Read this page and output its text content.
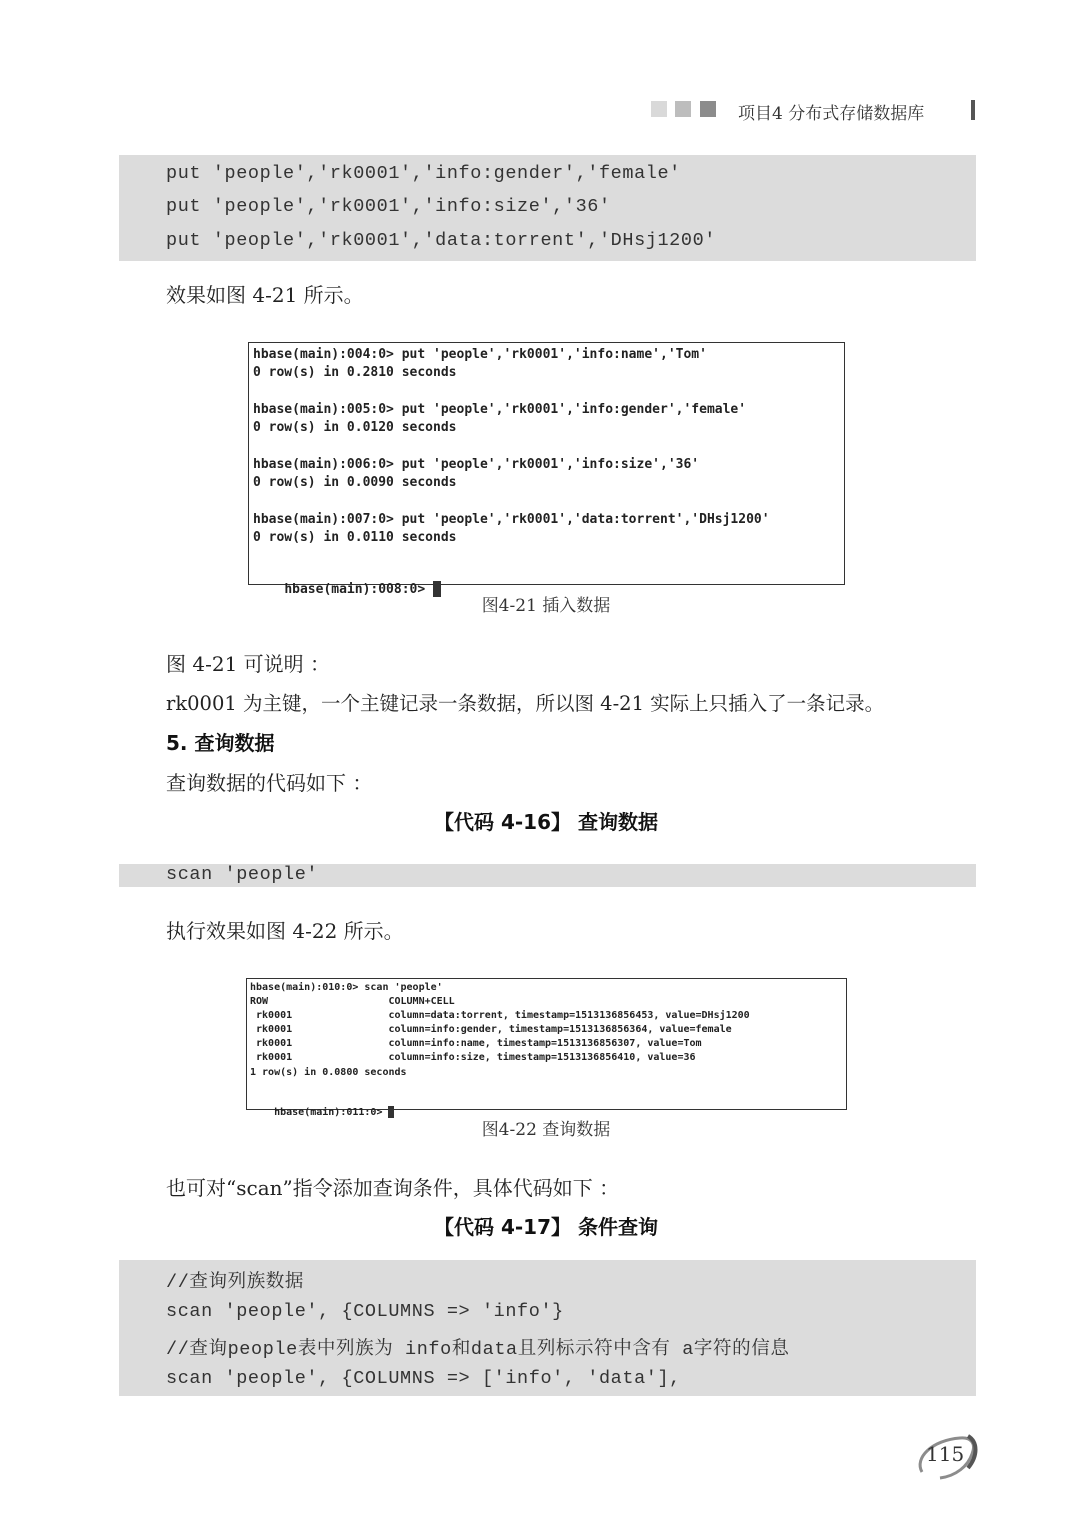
项目4 分布式存储数据库
put 'people','rk0001','info:gender','female'
put 'people','rk0001','info:size','36'
put 'people','rk0001','data:torrent','DHsj1200'
效果如图 4-21 所示。
hbase(main):004:0> put 'people','rk0001','info:name','Tom'
0 row(s) in 0.2810 seconds
hbase(main):005:0> put 'people','rk0001','info:gender','female'
0 row(s) in 0.0120 seconds
hbase(main):006:0> put 'people','rk0001','info:size','36'
0 row(s) in 0.0090 seconds
hbase(main):007:0> put 'people','rk0001','data:torrent','DHsj1200'
0 row(s) in 0.0110 seconds

hbase(main):008:0>

图4-21 插入数据
图 4-21 可说明 ：
rk0001 为主键，一个主键记录一条数据，所以图 4-21 实际上只插入了一条记录。
5. 查询数据
查询数据的代码如下 ：
【代码 4-16】 查询数据
scan 'people'
执行效果如图 4-22 所示。
hbase(main):010:0> scan 'people'
ROW                    COLUMN+CELL
rk0001                column=data:torrent, timestamp=1513136856453, value=DHsj1200
rk0001                column=info:gender, timestamp=1513136856364, value=female
rk0001                column=info:name, timestamp=1513136856307, value=Tom
rk0001                column=info:size, timestamp=1513136856410, value=36
1 row(s) in 0.0800 seconds

hbase(main):011:0>

图4-22 查询数据
也可对“scan”指令添加查询条件，具体代码如下 ：
【代码 4-17】 条件查询
//查询列族数据
scan 'people', {COLUMNS => 'info'}
//查询people表中列族为 info和data且列标示符中含有 a字符的信息
scan 'people', {COLUMNS => ['info', 'data'],
115
